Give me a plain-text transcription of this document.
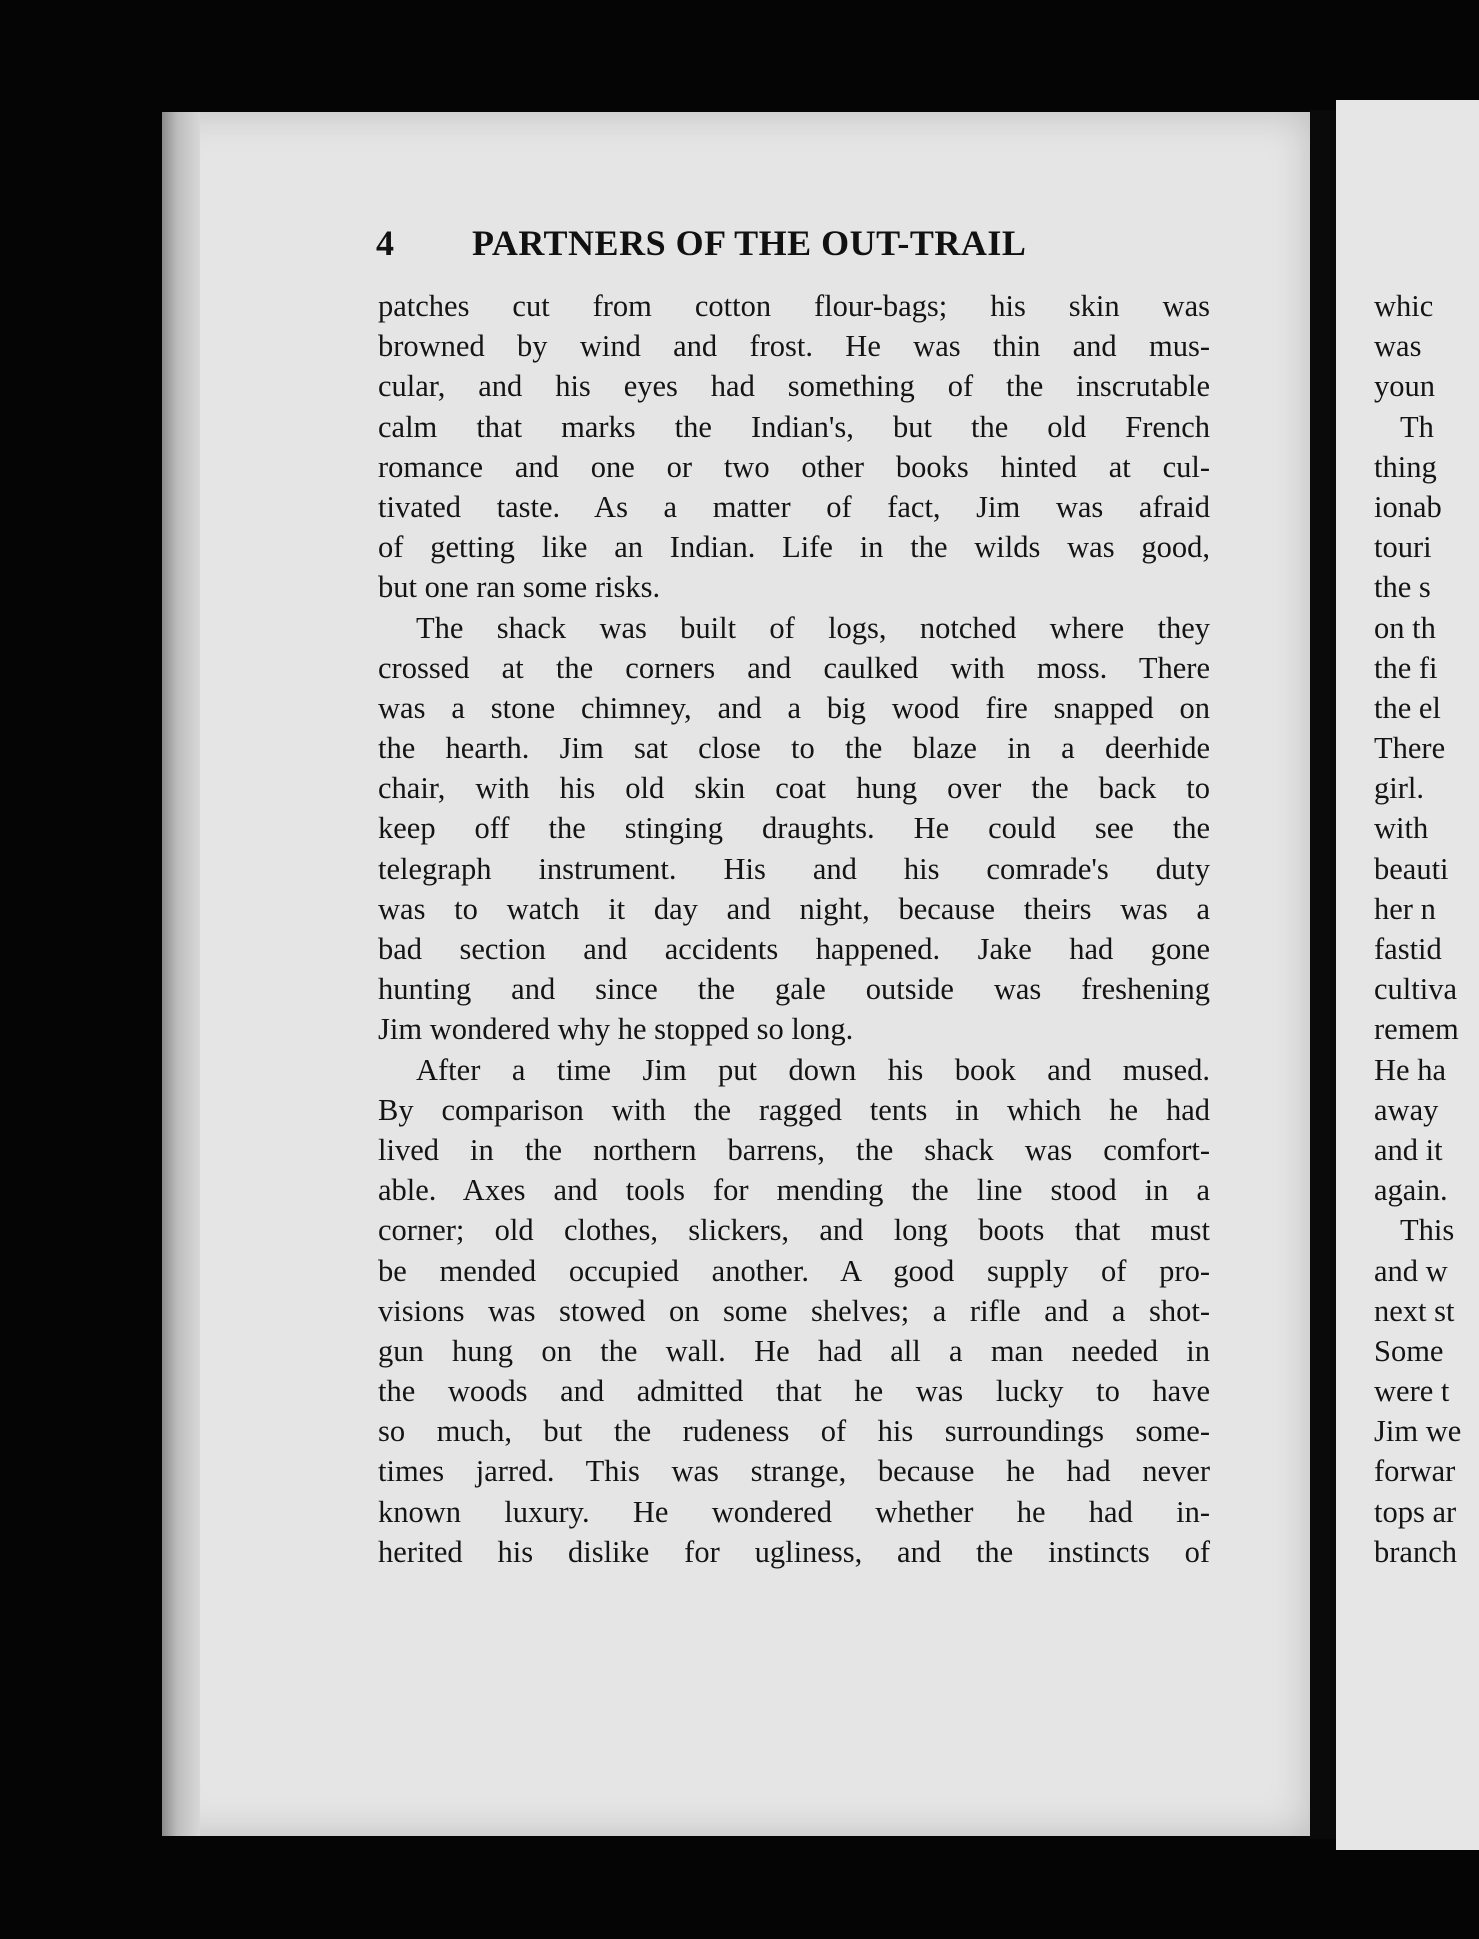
4 PARTNERS OF THE OUT-TRAIL
patches cut from cotton flour-bags; his skin was
browned by wind and frost. He was thin and mus-
cular, and his eyes had something of the inscrutable
calm that marks the Indian's, but the old French
romance and one or two other books hinted at cul-
tivated taste. As a matter of fact, Jim was afraid
of getting like an Indian. Life in the wilds was good,
but one ran some risks.
The shack was built of logs, notched where they
crossed at the corners and caulked with moss. There
was a stone chimney, and a big wood fire snapped on
the hearth. Jim sat close to the blaze in a deerhide
chair, with his old skin coat hung over the back to
keep off the stinging draughts. He could see the
telegraph instrument. His and his comrade's duty
was to watch it day and night, because theirs was a
bad section and accidents happened. Jake had gone
hunting and since the gale outside was freshening
Jim wondered why he stopped so long.
After a time Jim put down his book and mused.
By comparison with the ragged tents in which he had
lived in the northern barrens, the shack was comfort-
able. Axes and tools for mending the line stood in a
corner; old clothes, slickers, and long boots that must
be mended occupied another. A good supply of pro-
visions was stowed on some shelves; a rifle and a shot-
gun hung on the wall. He had all a man needed in
the woods and admitted that he was lucky to have
so much, but the rudeness of his surroundings some-
times jarred. This was strange, because he had never
known luxury. He wondered whether he had in-
herited his dislike for ugliness, and the instincts of
whic
was
youn
Th
thing
ionab
touri
the s
on th
the fi
the el
There
girl.
with
beauti
her n
fastid
cultiva
remem
He ha
away
and it
again.
This
and w
next st
Some
were t
Jim we
forwar
tops ar
branch
